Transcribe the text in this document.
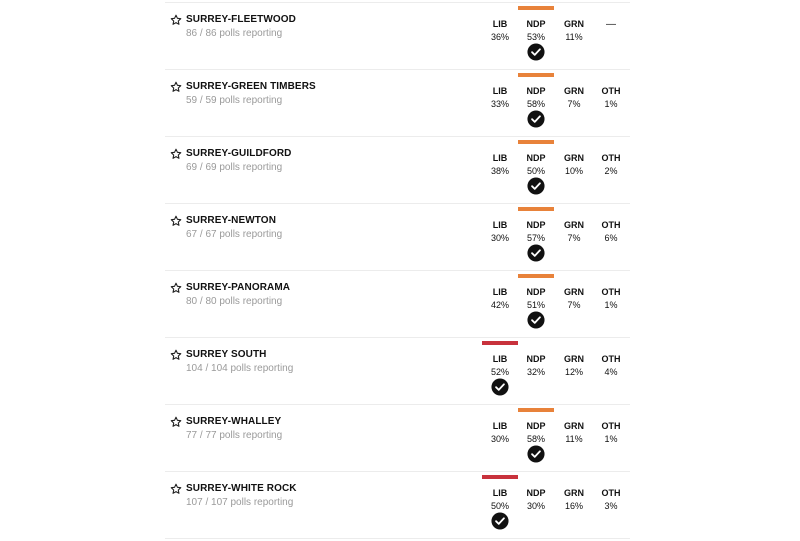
SURREY-FLEETWOOD
86 / 86 polls reporting
LIB
36%
NDP
53%
GRN
11%
—
SURREY-GREEN TIMBERS
59 / 59 polls reporting
LIB
33%
NDP
58%
GRN
7%
OTH
1%
SURREY-GUILDFORD
69 / 69 polls reporting
LIB
38%
NDP
50%
GRN
10%
OTH
2%
SURREY-NEWTON
67 / 67 polls reporting
LIB
30%
NDP
57%
GRN
7%
OTH
6%
SURREY-PANORAMA
80 / 80 polls reporting
LIB
42%
NDP
51%
GRN
7%
OTH
1%
SURREY SOUTH
104 / 104 polls reporting
LIB
52%
NDP
32%
GRN
12%
OTH
4%
SURREY-WHALLEY
77 / 77 polls reporting
LIB
30%
NDP
58%
GRN
11%
OTH
1%
SURREY-WHITE ROCK
107 / 107 polls reporting
LIB
50%
NDP
30%
GRN
16%
OTH
3%
